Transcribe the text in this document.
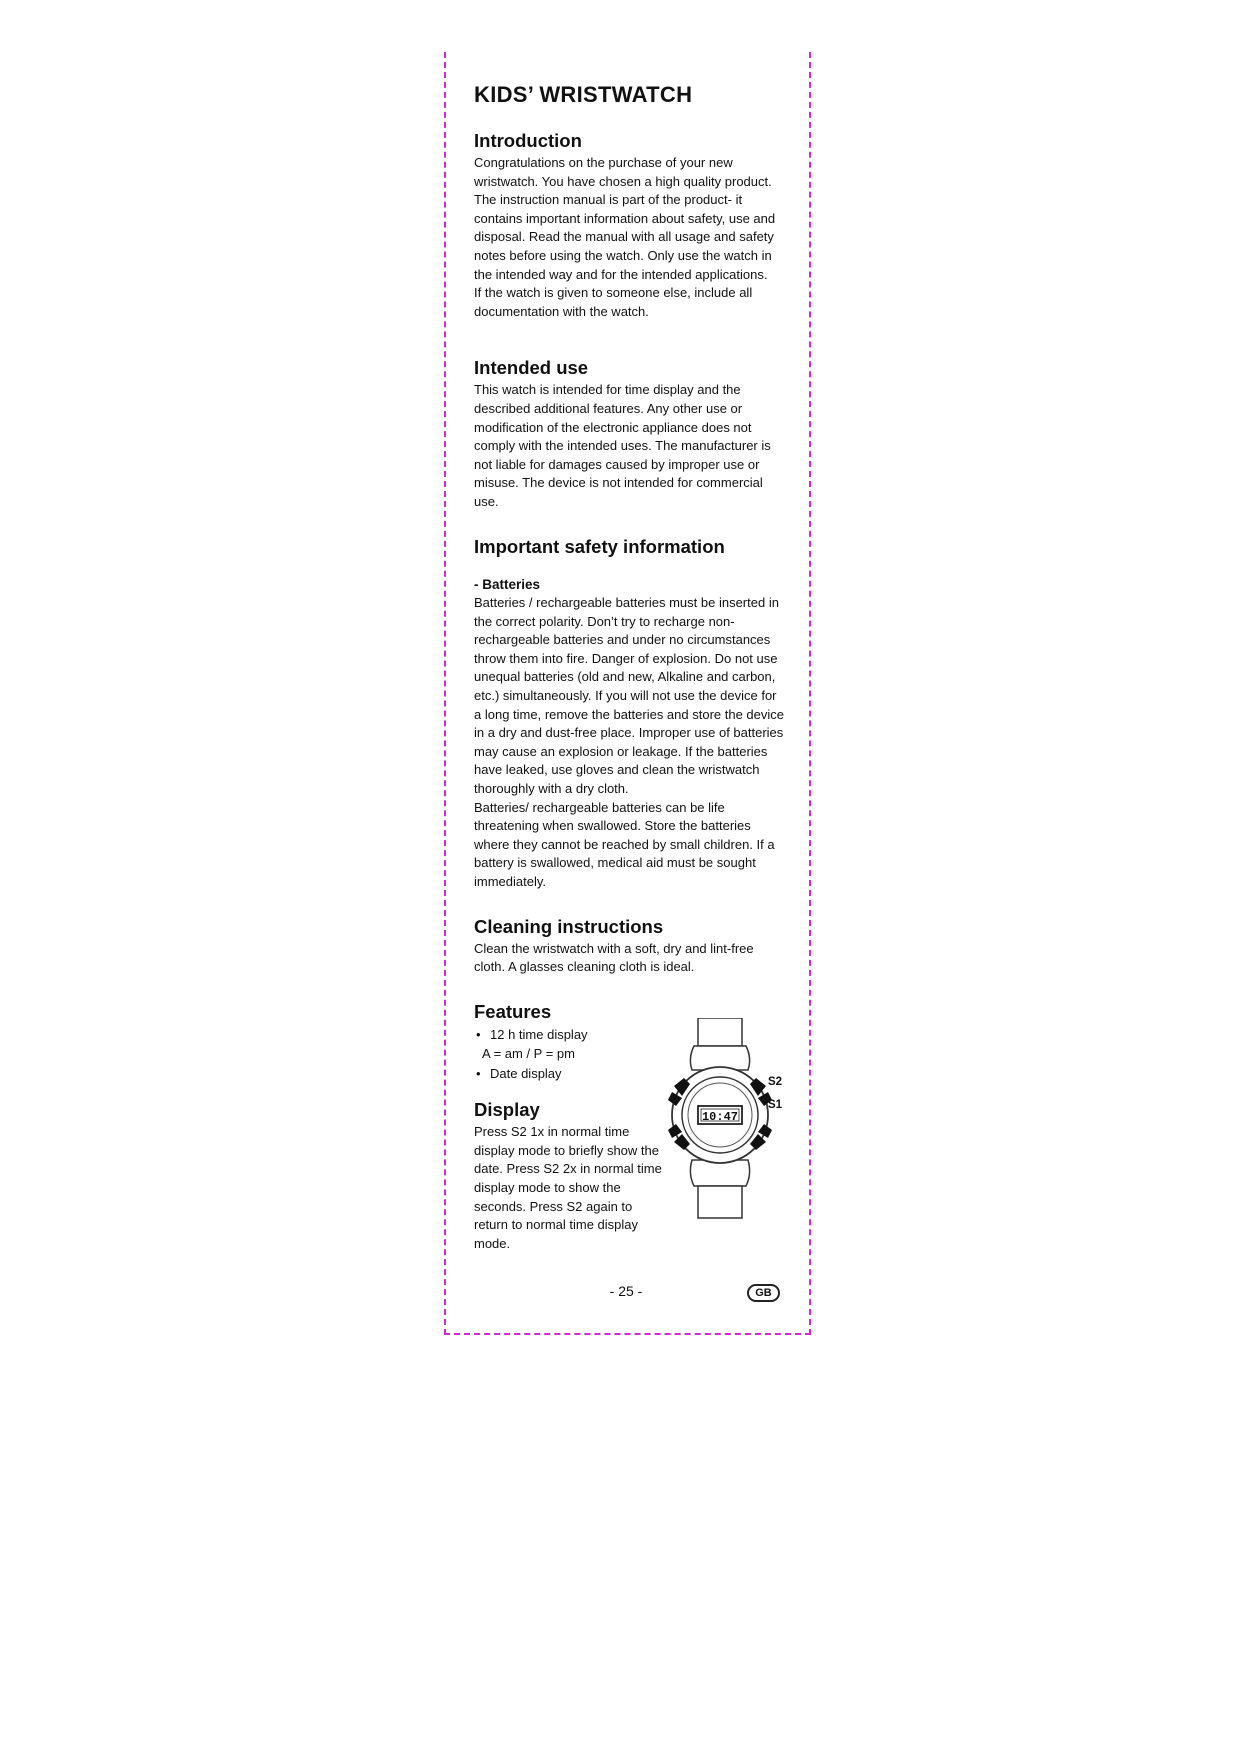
KIDS’ WRISTWATCH
Introduction

Congratulations on the purchase of your new wristwatch. You have chosen a high quality product. The instruction manual is part of the product- it contains important information about safety, use and disposal. Read the manual with all usage and safety notes before using the watch. Only use the watch in the intended way and for the intended applications.

If the watch is given to someone else, include all documentation with the watch.

Intended use

This watch is intended for time display and the described additional features. Any other use or modification of the electronic appliance does not comply with the intended uses. The manufacturer is not liable for damages caused by improper use or misuse. The device is not intended for commercial use.

Important safety information
- Batteries

Batteries / rechargeable batteries must be inserted in the correct polarity. Don’t try to recharge non-rechargeable batteries and under no circumstances throw them into fire. Danger of explosion. Do not use unequal batteries (old and new, Alkaline and carbon, etc.) simultaneously. If you will not use the device for a long time, remove the batteries and store the device in a dry and dust-free place. Improper use of batteries may cause an explosion or leakage. If the batteries have leaked, use gloves and clean the wristwatch thoroughly with a dry cloth.

Batteries/ rechargeable batteries can be life threatening when swallowed. Store the batteries where they cannot be reached by small children. If a battery is swallowed, medical aid must be sought immediately.

Cleaning instructions

Clean the wristwatch with a soft, dry and lint-free cloth. A glasses cleaning cloth is ideal.

Features
• 12 h time display
A = am / P = pm
• Date display
Display

Press S2 1x in normal time display mode to briefly show the date. Press S2 2x in normal time display mode to show the seconds. Press S2 again to return to normal time display mode.

10:47
S2
S1
- 25 -	GB
